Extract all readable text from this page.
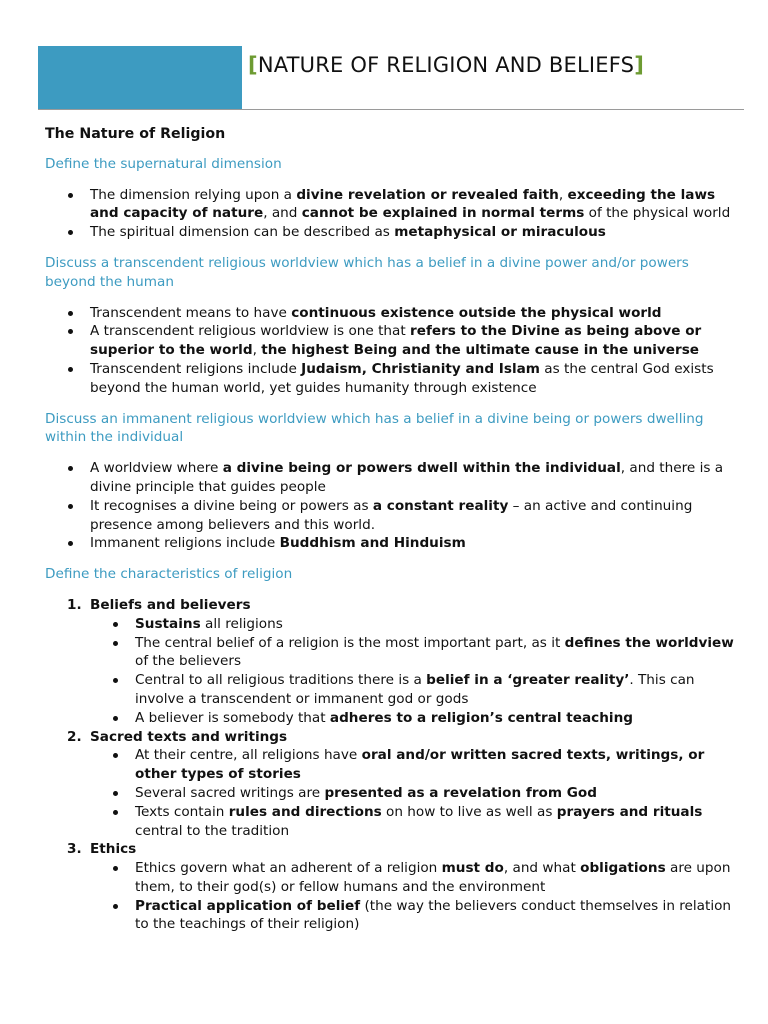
[NATURE OF RELIGION AND BELIEFS]
The Nature of Religion
Define the supernatural dimension
The dimension relying upon a divine revelation or revealed faith, exceeding the laws and capacity of nature, and cannot be explained in normal terms of the physical world
The spiritual dimension can be described as metaphysical or miraculous
Discuss a transcendent religious worldview which has a belief in a divine power and/or powers beyond the human
Transcendent means to have continuous existence outside the physical world
A transcendent religious worldview is one that refers to the Divine as being above or superior to the world, the highest Being and the ultimate cause in the universe
Transcendent religions include Judaism, Christianity and Islam as the central God exists beyond the human world, yet guides humanity through existence
Discuss an immanent religious worldview which has a belief in a divine being or powers dwelling within the individual
A worldview where a divine being or powers dwell within the individual, and there is a divine principle that guides people
It recognises a divine being or powers as a constant reality – an active and continuing presence among believers and this world.
Immanent religions include Buddhism and Hinduism
Define the characteristics of religion
1. Beliefs and believers
Sustains all religions
The central belief of a religion is the most important part, as it defines the worldview of the believers
Central to all religious traditions there is a belief in a ‘greater reality’. This can involve a transcendent or immanent god or gods
A believer is somebody that adheres to a religion’s central teaching
2. Sacred texts and writings
At their centre, all religions have oral and/or written sacred texts, writings, or other types of stories
Several sacred writings are presented as a revelation from God
Texts contain rules and directions on how to live as well as prayers and rituals central to the tradition
3. Ethics
Ethics govern what an adherent of a religion must do, and what obligations are upon them, to their god(s) or fellow humans and the environment
Practical application of belief (the way the believers conduct themselves in relation to the teachings of their religion)
